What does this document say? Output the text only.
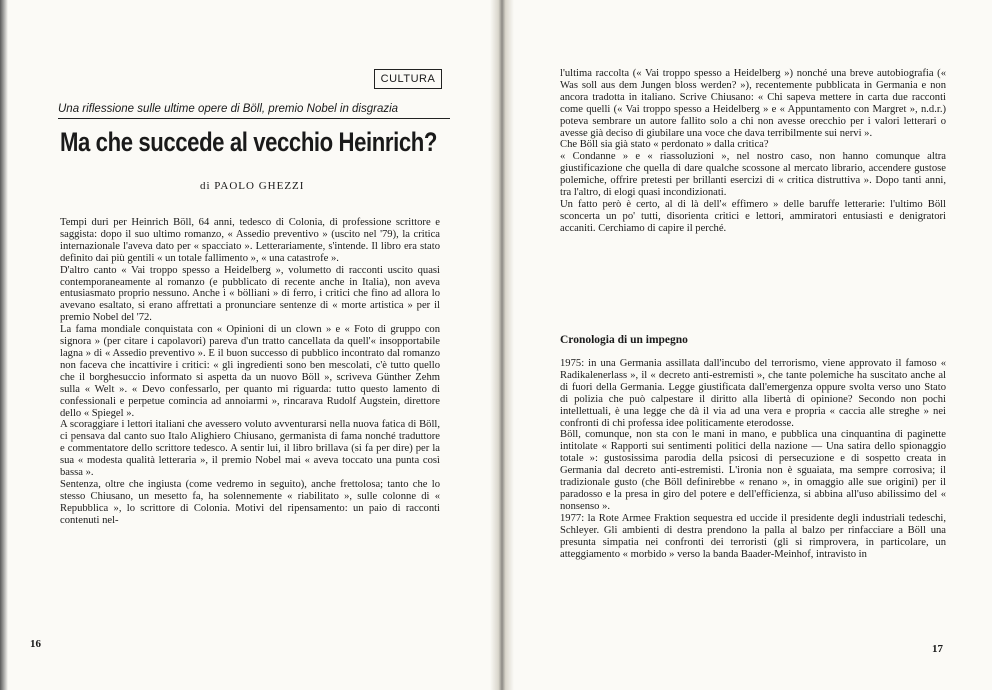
CULTURA
Una riflessione sulle ultime opere di Böll, premio Nobel in disgrazia
Ma che succede al vecchio Heinrich?
di PAOLO GHEZZI

Tempi duri per Heinrich Böll, 64 anni, tedesco di Colonia, di professione scrittore e saggista: dopo il suo ultimo romanzo, « Assedio preventivo » (uscito nel '79), la critica internazionale l'aveva dato per « spacciato ». Letterariamente, s'intende. Il libro era stato definito dai più gentili « un totale fallimento », « una catastrofe ».

D'altro canto « Vai troppo spesso a Heidelberg », volumetto di racconti uscito quasi contemporaneamente al romanzo (e pubblicato di recente anche in Italia), non aveva entusiasmato proprio nessuno. Anche i « bölliani » di ferro, i critici che fino ad allora lo avevano esaltato, si erano affrettati a pronunciare sentenze di « morte artistica » per il premio Nobel del '72.

La fama mondiale conquistata con « Opinioni di un clown » e « Foto di gruppo con signora » (per citare i capolavori) pareva d'un tratto cancellata da quell'« insopportabile lagna » di « Assedio preventivo ». E il buon successo di pubblico incontrato dal romanzo non faceva che incattivire i critici: « gli ingredienti sono ben mescolati, c'è tutto quello che il borghesuccio informato si aspetta da un nuovo Böll », scriveva Günther Zehm sulla « Welt ». « Devo confessarlo, per quanto mi riguarda: tutto questo lamento di confessionali e perpetue comincia ad annoiarmi », rincarava Rudolf Augstein, direttore dello « Spiegel ».

A scoraggiare i lettori italiani che avessero voluto avventurarsi nella nuova fatica di Böll, ci pensava dal canto suo Italo Alighiero Chiusano, germanista di fama nonché traduttore e commentatore dello scrittore tedesco. A sentir lui, il libro brillava (si fa per dire) per la sua « modesta qualità letteraria », il premio Nobel mai « aveva toccato una punta così bassa ».

Sentenza, oltre che ingiusta (come vedremo in seguito), anche frettolosa; tanto che lo stesso Chiusano, un mesetto fa, ha solennemente « riabilitato », sulle colonne di « Repubblica », lo scrittore di Colonia. Motivi del ripensamento: un paio di racconti contenuti nel-

16

l'ultima raccolta (« Vai troppo spesso a Heidelberg ») nonché una breve autobiografia (« Was soll aus dem Jungen bloss werden? »), recentemente pubblicata in Germania e non ancora tradotta in italiano. Scrive Chiusano: « Chi sapeva mettere in carta due racconti come quelli (« Vai troppo spesso a Heidelberg » e « Appuntamento con Margret », n.d.r.) poteva sembrare un autore fallito solo a chi non avesse orecchio per i valori letterari o avesse già deciso di giubilare una voce che dava terribilmente sui nervi ».

Che Böll sia già stato « perdonato » dalla critica?

« Condanne » e « riassoluzioni », nel nostro caso, non hanno comunque altra giustificazione che quella di dare qualche scossone al mercato librario, accendere gustose polemiche, offrire pretesti per brillanti esercizi di « critica distruttiva ». Dopo tanti anni, tra l'altro, di elogi quasi incondizionati.

Un fatto però è certo, al di là dell'« effimero » delle baruffe letterarie: l'ultimo Böll sconcerta un po' tutti, disorienta critici e lettori, ammiratori entusiasti e denigratori accaniti. Cerchiamo di capire il perché.

Cronologia di un impegno

1975: in una Germania assillata dall'incubo del terrorismo, viene approvato il famoso « Radikalenerlass », il « decreto anti-estremisti », che tante polemiche ha suscitato anche al di fuori della Germania. Legge giustificata dall'emergenza oppure svolta verso uno Stato di polizia che può calpestare il diritto alla libertà di opinione? Secondo non pochi intellettuali, è una legge che dà il via ad una vera e propria « caccia alle streghe » nei confronti di chi professa idee politicamente eterodosse.

Böll, comunque, non sta con le mani in mano, e pubblica una cinquantina di paginette intitolate « Rapporti sui sentimenti politici della nazione — Una satira dello spionaggio totale »: gustosissima parodia della psicosi di persecuzione e di sospetto creata in Germania dal decreto anti-estremisti. L'ironia non è sguaiata, ma sempre corrosiva; il tradizionale gusto (che Böll definirebbe « renano », in omaggio alle sue origini) per il paradosso e la presa in giro del potere e dell'efficienza, si abbina all'uso abilissimo del « nonsenso ».

1977: la Rote Armee Fraktion sequestra ed uccide il presidente degli industriali tedeschi, Schleyer. Gli ambienti di destra prendono la palla al balzo per rinfacciare a Böll una presunta simpatia nei confronti dei terroristi (gli si rimprovera, in particolare, un atteggiamento « morbido » verso la banda Baader-Meinhof, intravisto in

17
